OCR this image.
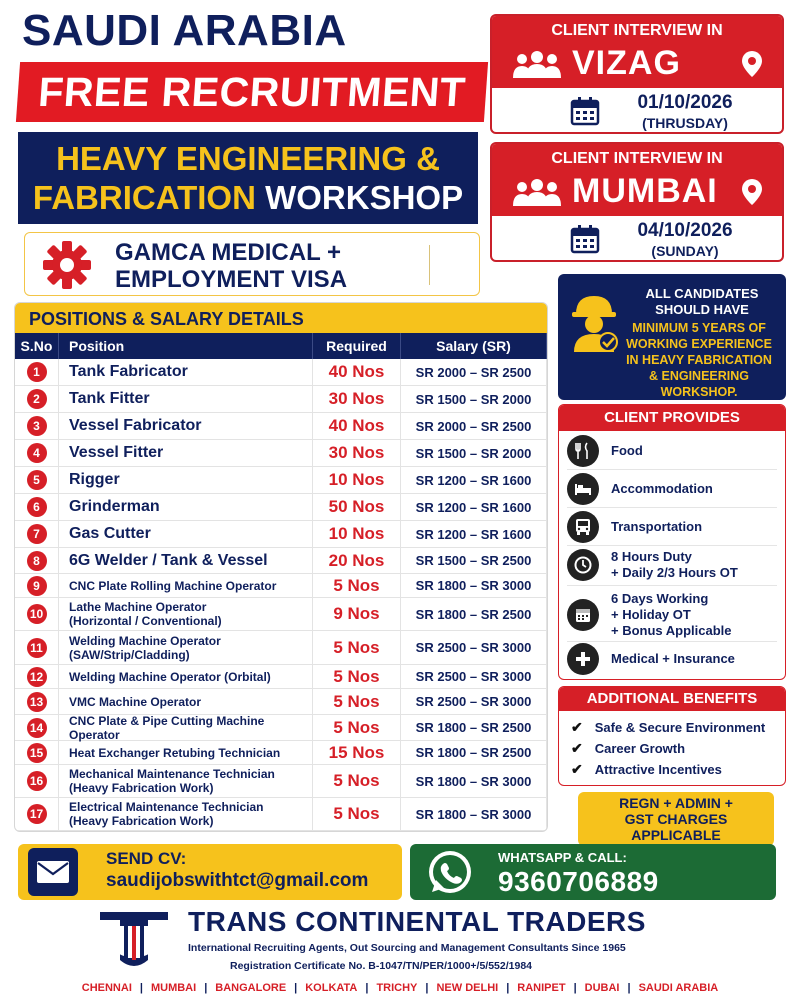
SAUDI ARABIA
FREE RECRUITMENT
HEAVY ENGINEERING &
FABRICATION WORKSHOP
GAMCA MEDICAL +
EMPLOYMENT VISA
CLIENT INTERVIEW IN
VIZAG
01/10/2026
(THRUSDAY)
CLIENT INTERVIEW IN
MUMBAI
04/10/2026
(SUNDAY)
POSITIONS & SALARY DETAILS
S.No	Position	Required	Salary (SR)
1	Tank Fabricator	40 Nos SR 2000 – SR 2500
2	Tank Fitter	30 Nos SR 1500 – SR 2000
3	Vessel Fabricator	40 Nos SR 2000 – SR 2500
4	Vessel Fitter	30 Nos SR 1500 – SR 2000
5	Rigger	10 Nos SR 1200 – SR 1600
6	Grinderman	50 Nos SR 1200 – SR 1600
7	Gas Cutter	10 Nos SR 1200 – SR 1600
8	6G Welder / Tank & Vessel	20 Nos SR 1500 – SR 2500
9	CNC Plate Rolling Machine Operator	5 Nos	SR 1800 – SR 3000
10 Lathe Machine Operator
(Horizontal / Conventional)	9 Nos	SR 1800 – SR 2500
11	Welding Machine Operator
(SAW/Strip/Cladding)	5 Nos	SR 2500 – SR 3000
12 Welding Machine Operator (Orbital)	5 Nos	SR 2500 – SR 3000
13 VMC Machine Operator	5 Nos	SR 2500 – SR 3000
14 CNC Plate & Pipe Cutting Machine Operator	5 Nos	SR 1800 – SR 2500
15 Heat Exchanger Retubing Technician	15 Nos SR 1800 – SR 2500
16 Mechanical Maintenance Technician
(Heavy Fabrication Work)	5 Nos	SR 1800 – SR 3000
17 Electrical Maintenance Technician
(Heavy Fabrication Work)	5 Nos	SR 1800 – SR 3000
ALL CANDIDATES
SHOULD HAVE
MINIMUM 5 YEARS OF
WORKING EXPERIENCE
IN HEAVY FABRICATION
& ENGINEERING WORKSHOP.
CLIENT PROVIDES
Food
Accommodation
Transportation
8 Hours Duty
+ Daily 2/3 Hours OT
6 Days Working
+ Holiday OT
+ Bonus Applicable
Medical + Insurance
ADDITIONAL BENEFITS
✔ Safe & Secure Environment
✔ Career Growth
✔ Attractive Incentives
REGN + ADMIN +
GST CHARGES
APPLICABLE
SEND CV:
saudijobswithtct@gmail.com
WHATSAPP & CALL:
9360706889
TRANS CONTINENTAL TRADERS
International Recruiting Agents, Out Sourcing and Management Consultants Since 1965
Registration Certificate No. B-1047/TN/PER/1000+/5/552/1984
CHENNAI | MUMBAI | BANGALORE | KOLKATA | TRICHY | NEW DELHI | RANIPET | DUBAI | SAUDI ARABIA
